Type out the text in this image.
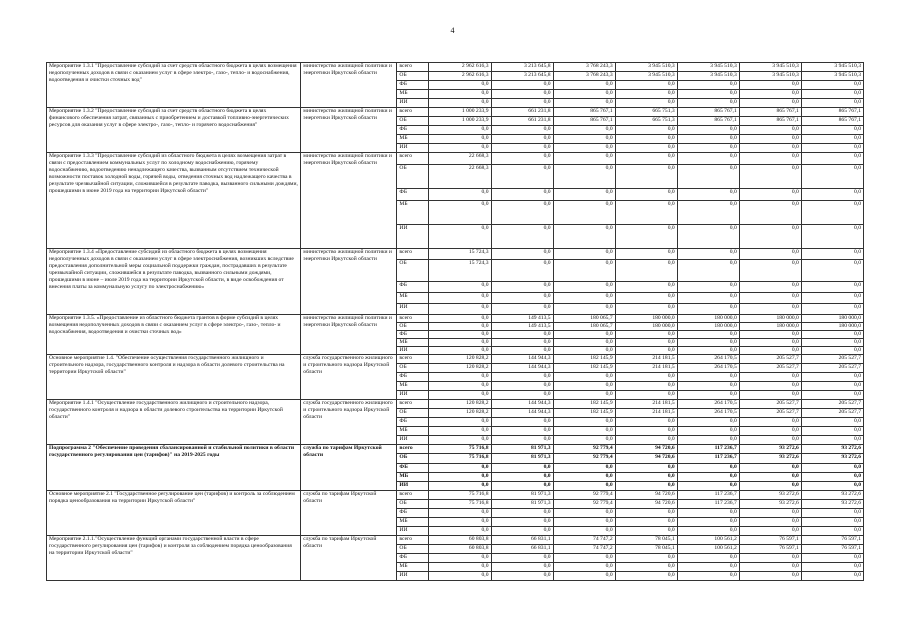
4
Мероприятие 1.3.1 "Предоставление субсидий за счет средств областного бюджета в целях возмещения недополученных доходов в связи с оказанием услуг в сфере электро-, газо-, тепло- и водоснабжения, водоотведения и очистки сточных вод"	министерство жилищной политики и энергетики Иркутской области	всего	2 962 616,3	3 213 645,8	3 768 243,3	3 945 510,3	3 945 510,3	3 945 510,3	3 945 510,3
		ОБ	2 962 616,3	3 213 645,8	3 768 243,3	3 945 510,3	3 945 510,3	3 945 510,3	3 945 510,3
		ФБ	0,0	0,0	0,0	0,0	0,0	0,0	0,0
		МБ	0,0	0,0	0,0	0,0	0,0	0,0	0,0
		ИИ	0,0	0,0	0,0	0,0	0,0	0,0	0,0
Мероприятие 1.3.2 "Предоставление субсидий за счет средств областного бюджета в целях финансового обеспечения затрат, связанных с приобретением и доставкой топливно-энергетических ресурсов для оказания услуг в сфере электро-, газо-, тепло- и горячего водоснабжения"	министерство жилищной политики и энергетики Иркутской области	всего	1 000 233,9	661 231,8	865 767,1	665 751,3	865 767,1	865 767,1	865 767,1
		ОБ	1 000 233,9	661 231,8	865 767,1	665 751,3	865 767,1	865 767,1	865 767,1
		ФБ	0,0	0,0	0,0	0,0	0,0	0,0	0,0
		МБ	0,0	0,0	0,0	0,0	0,0	0,0	0,0
		ИИ	0,0	0,0	0,0	0,0	0,0	0,0	0,0
Мероприятие 1.3.3 "Предоставление субсидий из областного бюджета в целях возмещения затрат в связи с предоставлением коммунальных услуг по холодному водоснабжению, горячему водоснабжению, водоотведению ненадлежащего качества, вызванным отсутствием технической возможности поставок холодной воды, горячей воды, отведения сточных вод надлежащего качества в результате чрезвычайной ситуации, сложившейся в результате паводка, вызванного сильными дождями, прошедшими в июне 2019 года на территории Иркутской области"	министерство жилищной политики и энергетики Иркутской области	всего	22 668,3	0,0	0,0	0,0	0,0	0,0	0,0
		ОБ	22 668,3	0,0	0,0	0,0	0,0	0,0	0,0
		ФБ	0,0	0,0	0,0	0,0	0,0	0,0	0,0
		МБ	0,0	0,0	0,0	0,0	0,0	0,0	0,0
		ИИ	0,0	0,0	0,0	0,0	0,0	0,0	0,0
Мероприятие 1.3.4 «Предоставление субсидий из областного бюджета в целях возмещения недополученных доходов в связи с оказанием услуг в сфере электроснабжения, возникших вследствие предоставления дополнительной меры социальной поддержки граждан, пострадавших в результате чрезвычайной ситуации, сложившейся в результате паводка, вызванного сильными дождями, прошедшими в июне – июле 2019 года на территории Иркутской области, в виде освобождения от внесения платы за коммунальную услугу по электроснабжению»	министерство жилищной политики и энергетики Иркутской области	всего	15 724,3	0,0	0,0	0,0	0,0	0,0	0,0
		ОБ	15 724,3	0,0	0,0	0,0	0,0	0,0	0,0
		ФБ	0,0	0,0	0,0	0,0	0,0	0,0	0,0
		МБ	0,0	0,0	0,0	0,0	0,0	0,0	0,0
		ИИ	0,0	0,0	0,0	0,0	0,0	0,0	0,0
Мероприятие 1.3.5. «Предоставление из областного бюджета грантов в форме субсидий в целях возмещения недополученных доходов в связи с оказанием услуг в сфере электро-, газо-, тепло- и водоснабжения, водоотведения и очистки сточных вод»	министерство жилищной политики и энергетики Иркутской области	всего	0,0	149 413,5	180 065,7	180 000,0	180 000,0	180 000,0	180 000,0
		ОБ	0,0	149 413,5	180 065,7	180 000,0	180 000,0	180 000,0	180 000,0
		ФБ	0,0	0,0	0,0	0,0	0,0	0,0	0,0
		МБ	0,0	0,0	0,0	0,0	0,0	0,0	0,0
		ИИ	0,0	0,0	0,0	0,0	0,0	0,0	0,0
Основное мероприятие 1.4. "Обеспечение осуществления государственного жилищного и строительного надзора, государственного контроля и надзора в области долевого строительства на территории Иркутской области"	служба государственного жилищного и строительного надзора Иркутской области	всего	120 828,2	144 944,3	182 145,9	214 181,5	264 170,5	205 527,7	205 527,7
		ОБ	120 828,2	144 944,3	182 145,9	214 181,5	264 170,5	205 527,7	205 527,7
		ФБ	0,0	0,0	0,0	0,0	0,0	0,0	0,0
		МБ	0,0	0,0	0,0	0,0	0,0	0,0	0,0
		ИИ	0,0	0,0	0,0	0,0	0,0	0,0	0,0
Мероприятие 1.4.1 "Осуществление государственного жилищного и строительного надзора, государственного контроля и надзора в области долевого строительства на территории Иркутской области"	служба государственного жилищного и строительного надзора Иркутской области	всего	120 828,2	144 944,3	182 145,9	214 181,5	264 170,5	205 527,7	205 527,7
		ОБ	120 828,2	144 944,3	182 145,9	214 181,5	264 170,5	205 527,7	205 527,7
		ФБ	0,0	0,0	0,0	0,0	0,0	0,0	0,0
		МБ	0,0	0,0	0,0	0,0	0,0	0,0	0,0
		ИИ	0,0	0,0	0,0	0,0	0,0	0,0	0,0
Подпрограмма 2 "Обеспечение проведения сбалансированной и стабильной политики в области государственного регулирования цен (тарифов)" на 2019-2025 годы	служба по тарифам Иркутской области	всего	75 716,8	81 971,3	92 779,4	94 720,6	117 236,7	93 272,6	93 272,6
		ОБ	75 716,8	81 971,3	92 779,4	94 720,6	117 236,7	93 272,6	93 272,6
		ФБ	0,0	0,0	0,0	0,0	0,0	0,0	0,0
		МБ	0,0	0,0	0,0	0,0	0,0	0,0	0,0
		ИИ	0,0	0,0	0,0	0,0	0,0	0,0	0,0
Основное мероприятие 2.1 "Государственное регулирование цен (тарифов) и контроль за соблюдением порядка ценообразования на территории Иркутской области"	служба по тарифам Иркутской области	всего	75 716,8	81 971,3	92 779,4	94 720,6	117 236,7	93 272,6	93 272,6
		ОБ	75 716,8	81 971,3	92 779,4	94 720,6	117 236,7	93 272,6	93 272,6
		ФБ	0,0	0,0	0,0	0,0	0,0	0,0	0,0
		МБ	0,0	0,0	0,0	0,0	0,0	0,0	0,0
		ИИ	0,0	0,0	0,0	0,0	0,0	0,0	0,0
Мероприятие 2.1.1."Осуществление функций органами государственной власти в сфере государственного регулирования цен (тарифов) и контроля за соблюдением порядка ценообразования на территории Иркутской области"	служба по тарифам Иркутской области	всего	60 803,8	66 831,1	74 747,2	78 045,1	100 561,2	76 597,1	76 597,1
		ОБ	60 803,8	66 831,1	74 747,2	78 045,1	100 561,2	76 597,1	76 597,1
		ФБ	0,0	0,0	0,0	0,0	0,0	0,0	0,0
		МБ	0,0	0,0	0,0	0,0	0,0	0,0	0,0
		ИИ	0,0	0,0	0,0	0,0	0,0	0,0	0,0
